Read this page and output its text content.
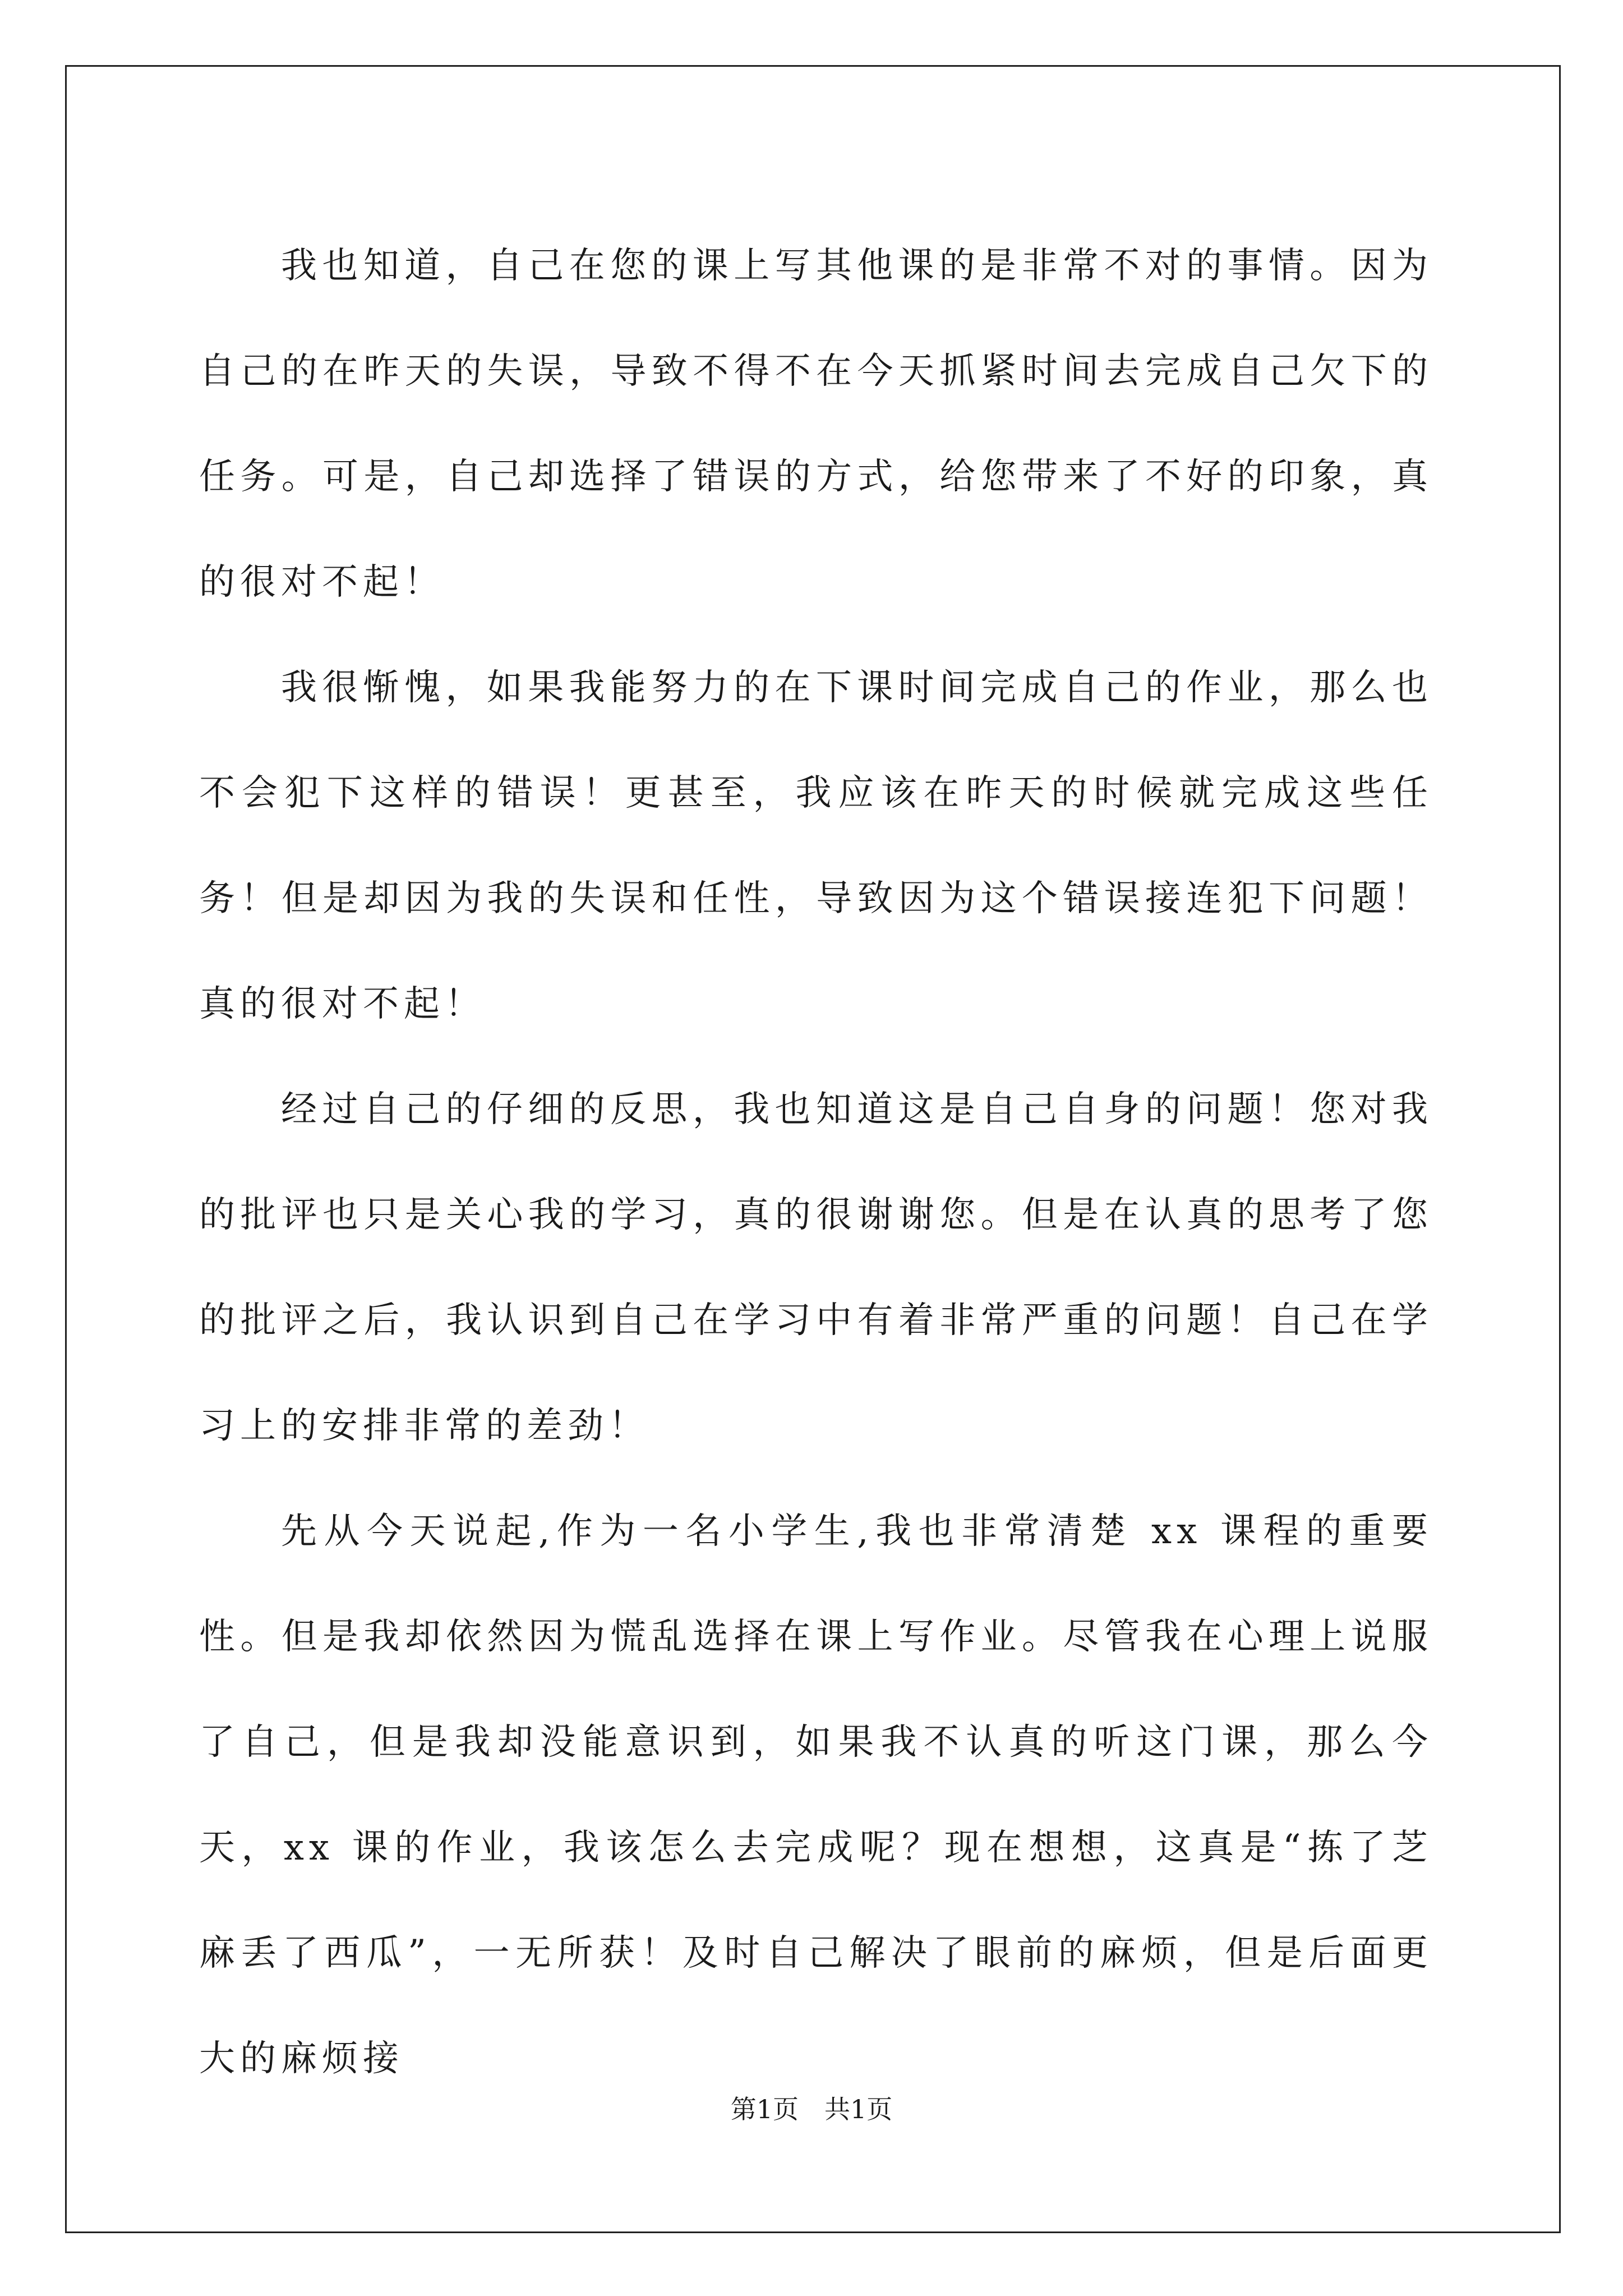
我也知道，自己在您的课上写其他课的是非常不对的事情。因为自己的在昨天的失误，导致不得不在今天抓紧时间去完成自己欠下的任务。可是，自己却选择了错误的方式，给您带来了不好的印象，真的很对不起！

我很惭愧，如果我能努力的在下课时间完成自己的作业，那么也不会犯下这样的错误！更甚至，我应该在昨天的时候就完成这些任务！但是却因为我的失误和任性，导致因为这个错误接连犯下问题！真的很对不起！

经过自己的仔细的反思，我也知道这是自己自身的问题！您对我的批评也只是关心我的学习，真的很谢谢您。但是在认真的思考了您的批评之后，我认识到自己在学习中有着非常严重的问题！自己在学习上的安排非常的差劲！

先从今天说起,作为一名小学生,我也非常清楚 xx 课程的重要性。但是我却依然因为慌乱选择在课上写作业。尽管我在心理上说服了自己，但是我却没能意识到，如果我不认真的听这门课，那么今天，xx 课的作业，我该怎么去完成呢？现在想想，这真是“拣了芝麻丢了西瓜”，一无所获！及时自己解决了眼前的麻烦，但是后面更大的麻烦接

第1页 共1页
